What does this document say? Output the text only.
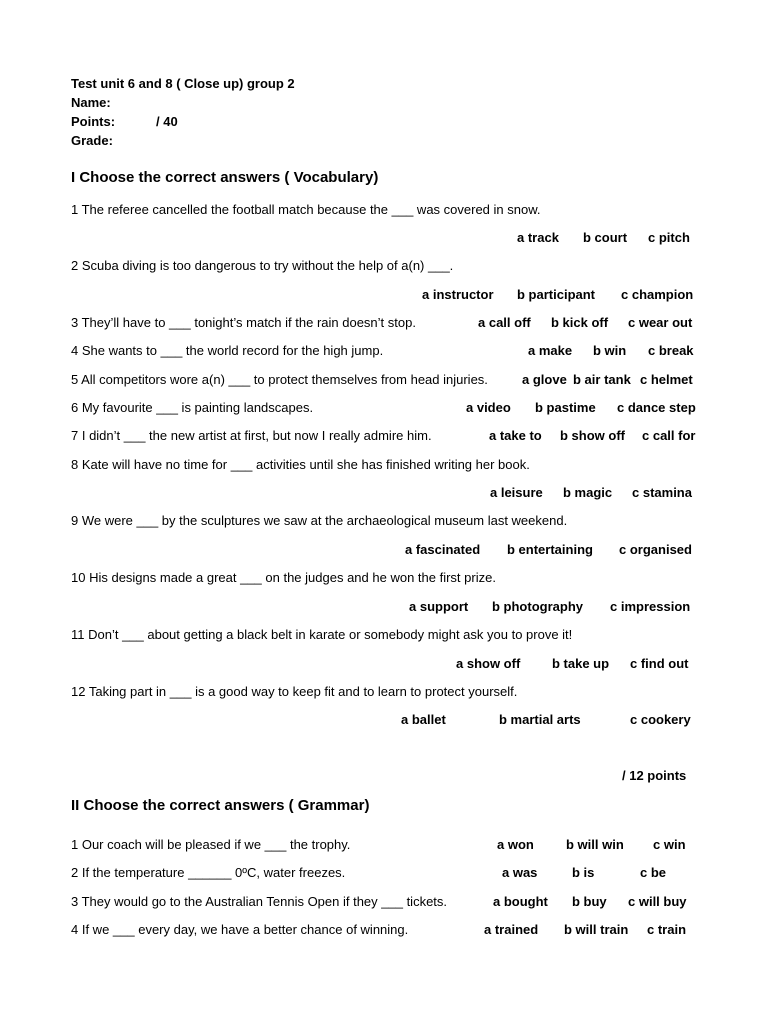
Test unit 6 and 8 ( Close up) group 2
Name:
Points:	/ 40
Grade:
I Choose the correct answers ( Vocabulary)
1 The referee cancelled the football match because the ___ was covered in snow.
a track b court c pitch
2 Scuba diving is too dangerous to try without the help of a(n) ___.
a instructor b participant c champion
3 They’ll have to ___ tonight’s match if the rain doesn’t stop.	a call off b kick off c wear out
4 She wants to ___ the world record for the high jump.	a make b win c break
5 All competitors wore a(n) ___ to protect themselves from head injuries.	a glove b air tank c helmet
6 My favourite ___ is painting landscapes.	a video b pastime c dance step
7 I didn’t ___ the new artist at first, but now I really admire him.	a take to b show off c call for
8 Kate will have no time for ___ activities until she has finished writing her book.
a leisure b magic c stamina
9 We were ___ by the sculptures we saw at the archaeological museum last weekend.
a fascinated b entertaining c organised
10 His designs made a great ___ on the judges and he won the first prize.
a support b photography c impression
11 Don’t ___ about getting a black belt in karate or somebody might ask you to prove it!
a show off b take up c find out
12 Taking part in ___ is a good way to keep fit and to learn to protect yourself.
a ballet	b martial arts	c cookery
/ 12 points
II Choose the correct answers ( Grammar)
1 Our coach will be pleased if we ___ the trophy.	a won b will win c win
2 If the temperature ______ 0ºC, water freezes.	a was	b is	c be
3 They would go to the Australian Tennis Open if they ___ tickets.	a bought b buy c will buy
4 If we ___ every day, we have a better chance of winning.	a trained b will train c train
